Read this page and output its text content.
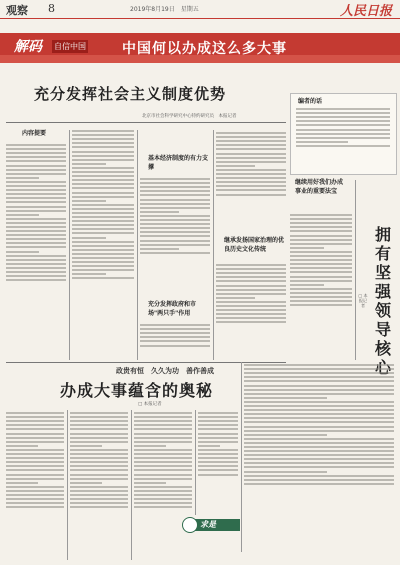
观察 8	2019年8月19日　星期五	人民日报
解码 自信中国	中国何以办成这么多大事
充分发挥社会主义制度优势
北京市社会科学研究中心特约研究员　本报记者
内容提要
基本经济制度的有力支撑
充分发挥政府和市场"两只手"作用
继承发扬国家治理的优良历史文化传统
编者的话
继续用好我们办成事业的重要法宝
拥有坚强领导核
□ 本报记者
政贵有恒　久久为功　善作善成
办成大事蕴含的奥秘
□ 本报记者
求是
